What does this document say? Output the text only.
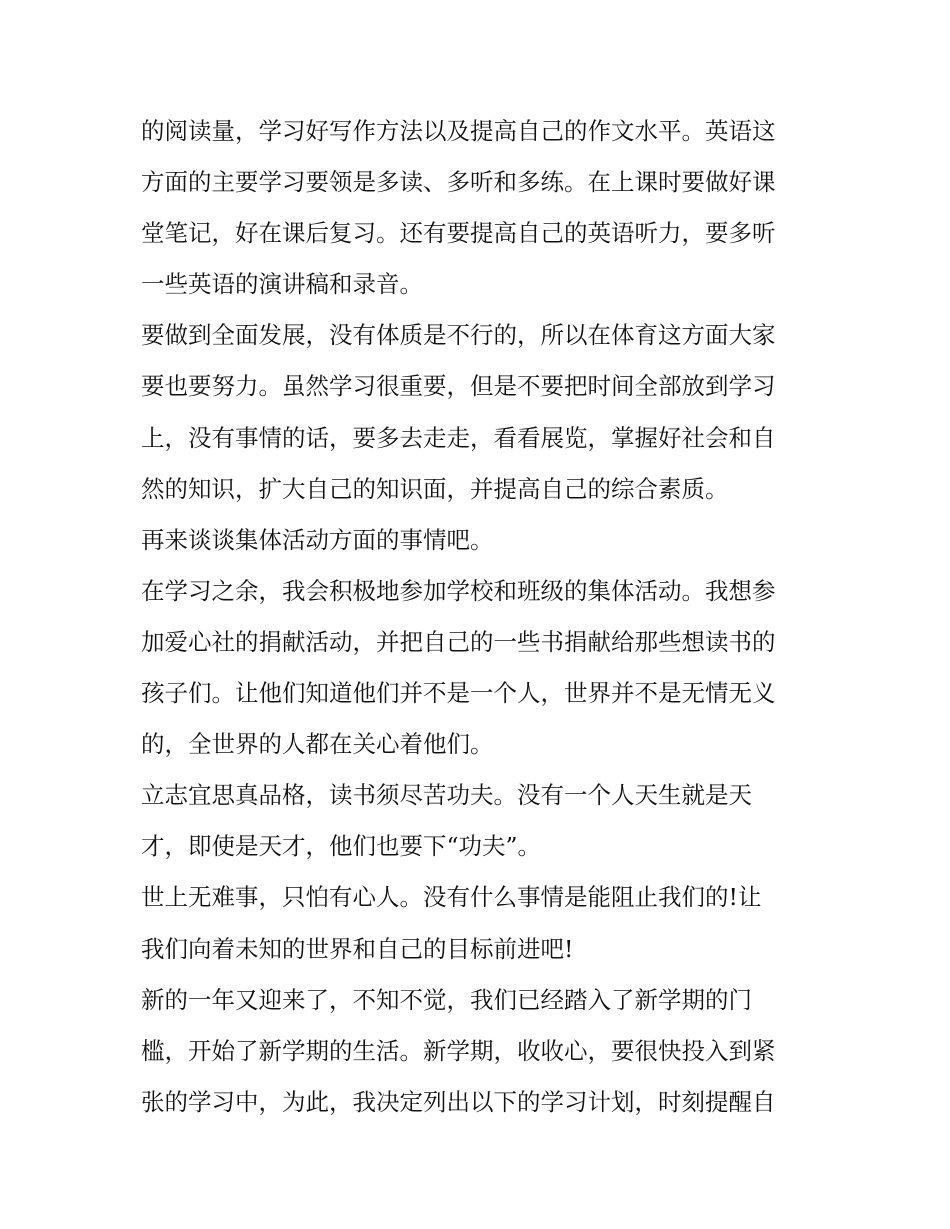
的阅读量，学习好写作方法以及提高自己的作文水平。英语这
方面的主要学习要领是多读、多听和多练。在上课时要做好课
堂笔记，好在课后复习。还有要提高自己的英语听力，要多听
一些英语的演讲稿和录音。
要做到全面发展，没有体质是不行的，所以在体育这方面大家
要也要努力。虽然学习很重要，但是不要把时间全部放到学习
上，没有事情的话，要多去走走，看看展览，掌握好社会和自
然的知识，扩大自己的知识面，并提高自己的综合素质。
再来谈谈集体活动方面的事情吧。
在学习之余，我会积极地参加学校和班级的集体活动。我想参
加爱心社的捐献活动，并把自己的一些书捐献给那些想读书的
孩子们。让他们知道他们并不是一个人，世界并不是无情无义
的，全世界的人都在关心着他们。
立志宜思真品格，读书须尽苦功夫。没有一个人天生就是天
才，即使是天才，他们也要下“功夫”。
世上无难事，只怕有心人。没有什么事情是能阻止我们的!让
我们向着未知的世界和自己的目标前进吧!
新的一年又迎来了，不知不觉，我们已经踏入了新学期的门
槛，开始了新学期的生活。新学期，收收心，要很快投入到紧
张的学习中，为此，我决定列出以下的学习计划，时刻提醒自
